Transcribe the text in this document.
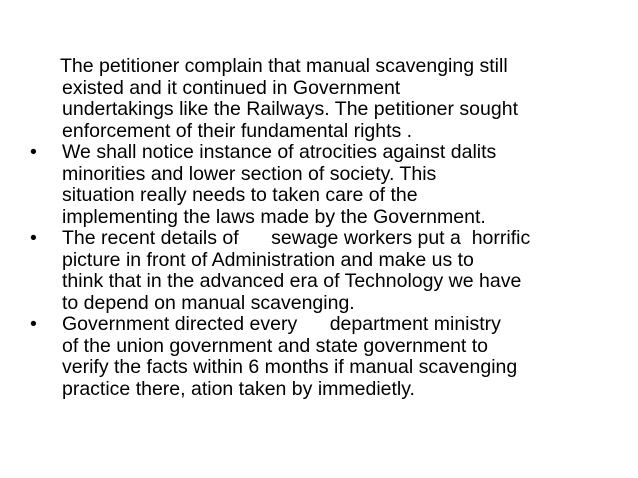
The petitioner complain that manual scavenging still
existed and it continued in Government
undertakings like the Railways. The petitioner sought
enforcement of their fundamental rights .
• We shall notice instance of atrocities against dalits
minorities and lower section of society. This
situation really needs to taken care of the
implementing the laws made by the Government.
• The recent details of      sewage workers put a  horrific
picture in front of Administration and make us to
think that in the advanced era of Technology we have
to depend on manual scavenging.
• Government directed every      department ministry
of the union government and state government to
verify the facts within 6 months if manual scavenging
practice there, ation taken by immedietly.
